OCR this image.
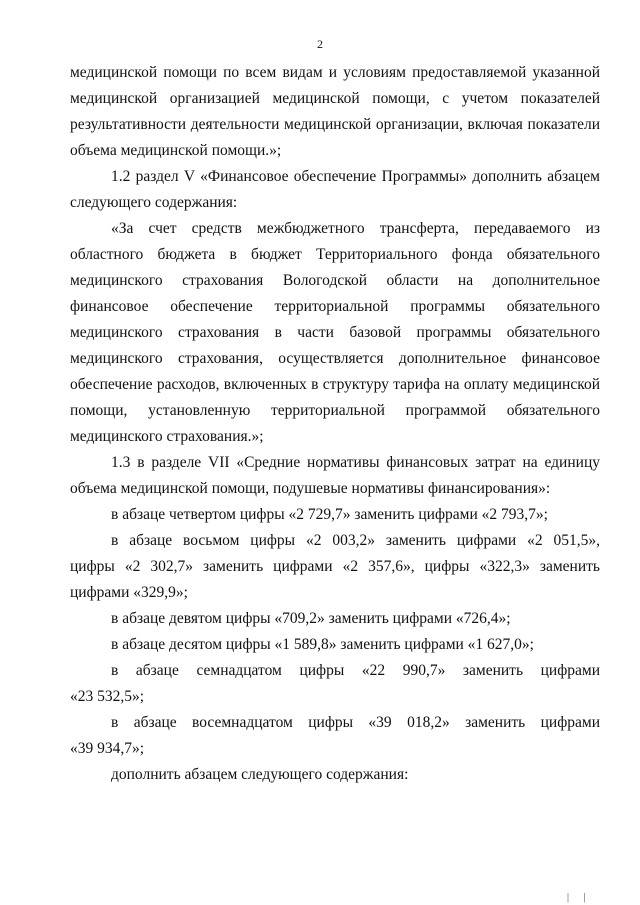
2
медицинской помощи по всем видам и условиям предоставляемой указанной
медицинской организацией медицинской помощи, с учетом показателей
результативности деятельности медицинской организации, включая показатели
объема медицинской помощи.»;
1.2 раздел V «Финансовое обеспечение Программы» дополнить абзацем
следующего содержания:
«За счет средств межбюджетного трансферта, передаваемого из
областного бюджета в бюджет Территориального фонда обязательного
медицинского страхования Вологодской области на дополнительное
финансовое обеспечение территориальной программы обязательного
медицинского страхования в части базовой программы обязательного
медицинского страхования, осуществляется дополнительное финансовое
обеспечение расходов, включенных в структуру тарифа на оплату медицинской
помощи, установленную территориальной программой обязательного
медицинского страхования.»;
1.3 в разделе VII «Средние нормативы финансовых затрат на единицу
объема медицинской помощи, подушевые нормативы финансирования»:
в абзаце четвертом цифры «2 729,7» заменить цифрами «2 793,7»;
в абзаце восьмом цифры «2 003,2» заменить цифрами «2 051,5»,
цифры «2 302,7» заменить цифрами «2 357,6», цифры «322,3» заменить
цифрами «329,9»;
в абзаце девятом цифры «709,2» заменить цифрами «726,4»;
в абзаце десятом цифры «1 589,8» заменить цифрами «1 627,0»;
в абзаце семнадцатом цифры «22 990,7» заменить цифрами
«23 532,5»;
в абзаце восемнадцатом цифры «39 018,2» заменить цифрами
«39 934,7»;
дополнить абзацем следующего содержания:
| |
